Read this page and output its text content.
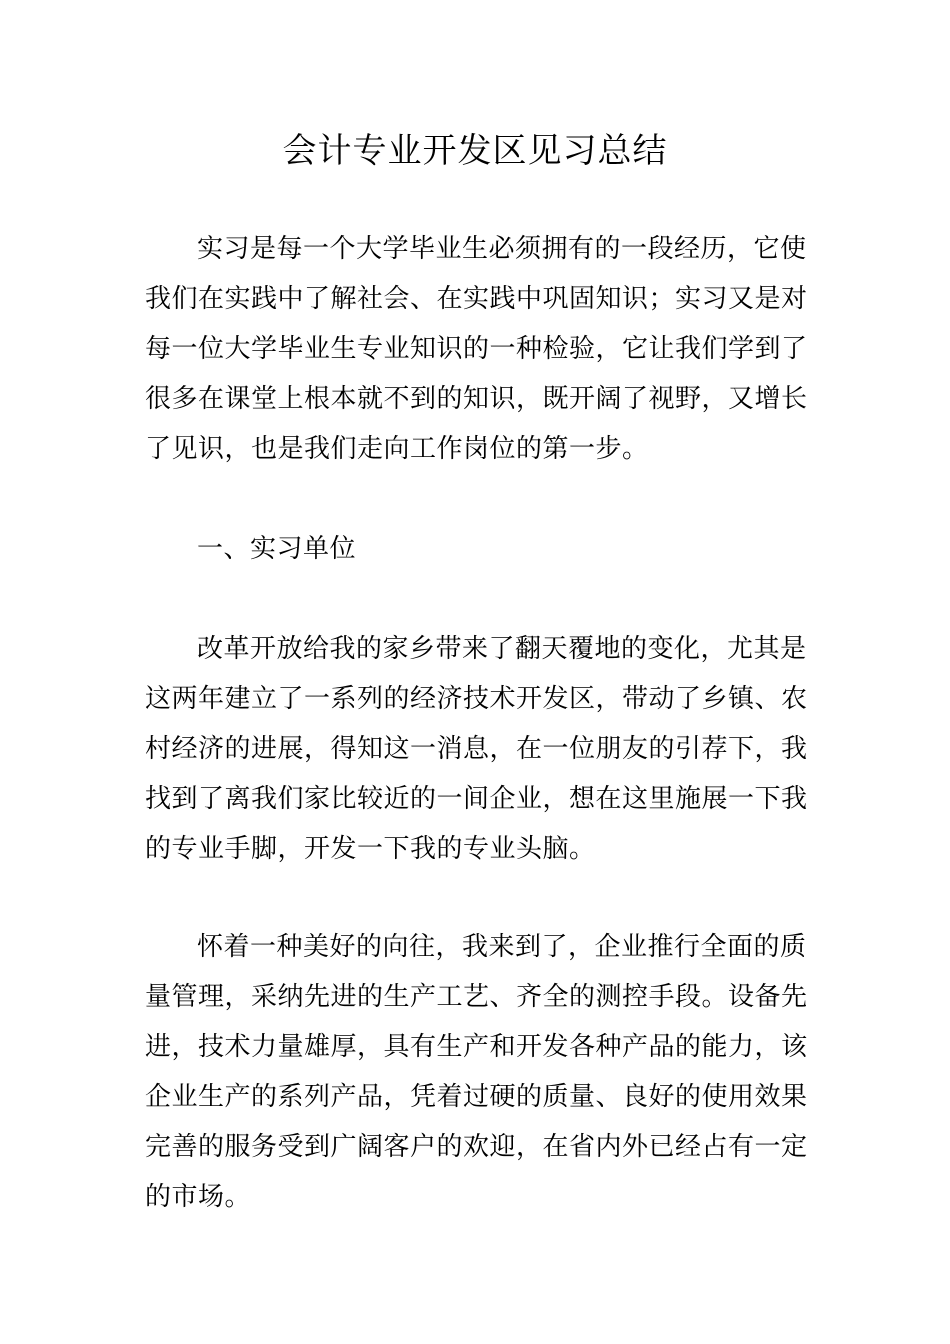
会计专业开发区见习总结
实习是每一个大学毕业生必须拥有的一段经历，它使
我们在实践中了解社会、在实践中巩固知识；实习又是对
每一位大学毕业生专业知识的一种检验，它让我们学到了
很多在课堂上根本就不到的知识，既开阔了视野，又增长
了见识，也是我们走向工作岗位的第一步。
一、实习单位
改革开放给我的家乡带来了翻天覆地的变化，尤其是
这两年建立了一系列的经济技术开发区，带动了乡镇、农
村经济的进展，得知这一消息，在一位朋友的引荐下，我
找到了离我们家比较近的一间企业，想在这里施展一下我
的专业手脚，开发一下我的专业头脑。
怀着一种美好的向往，我来到了，企业推行全面的质
量管理，采纳先进的生产工艺、齐全的测控手段。设备先
进，技术力量雄厚，具有生产和开发各种产品的能力，该
企业生产的系列产品，凭着过硬的质量、良好的使用效果
完善的服务受到广阔客户的欢迎，在省内外已经占有一定
的市场。
